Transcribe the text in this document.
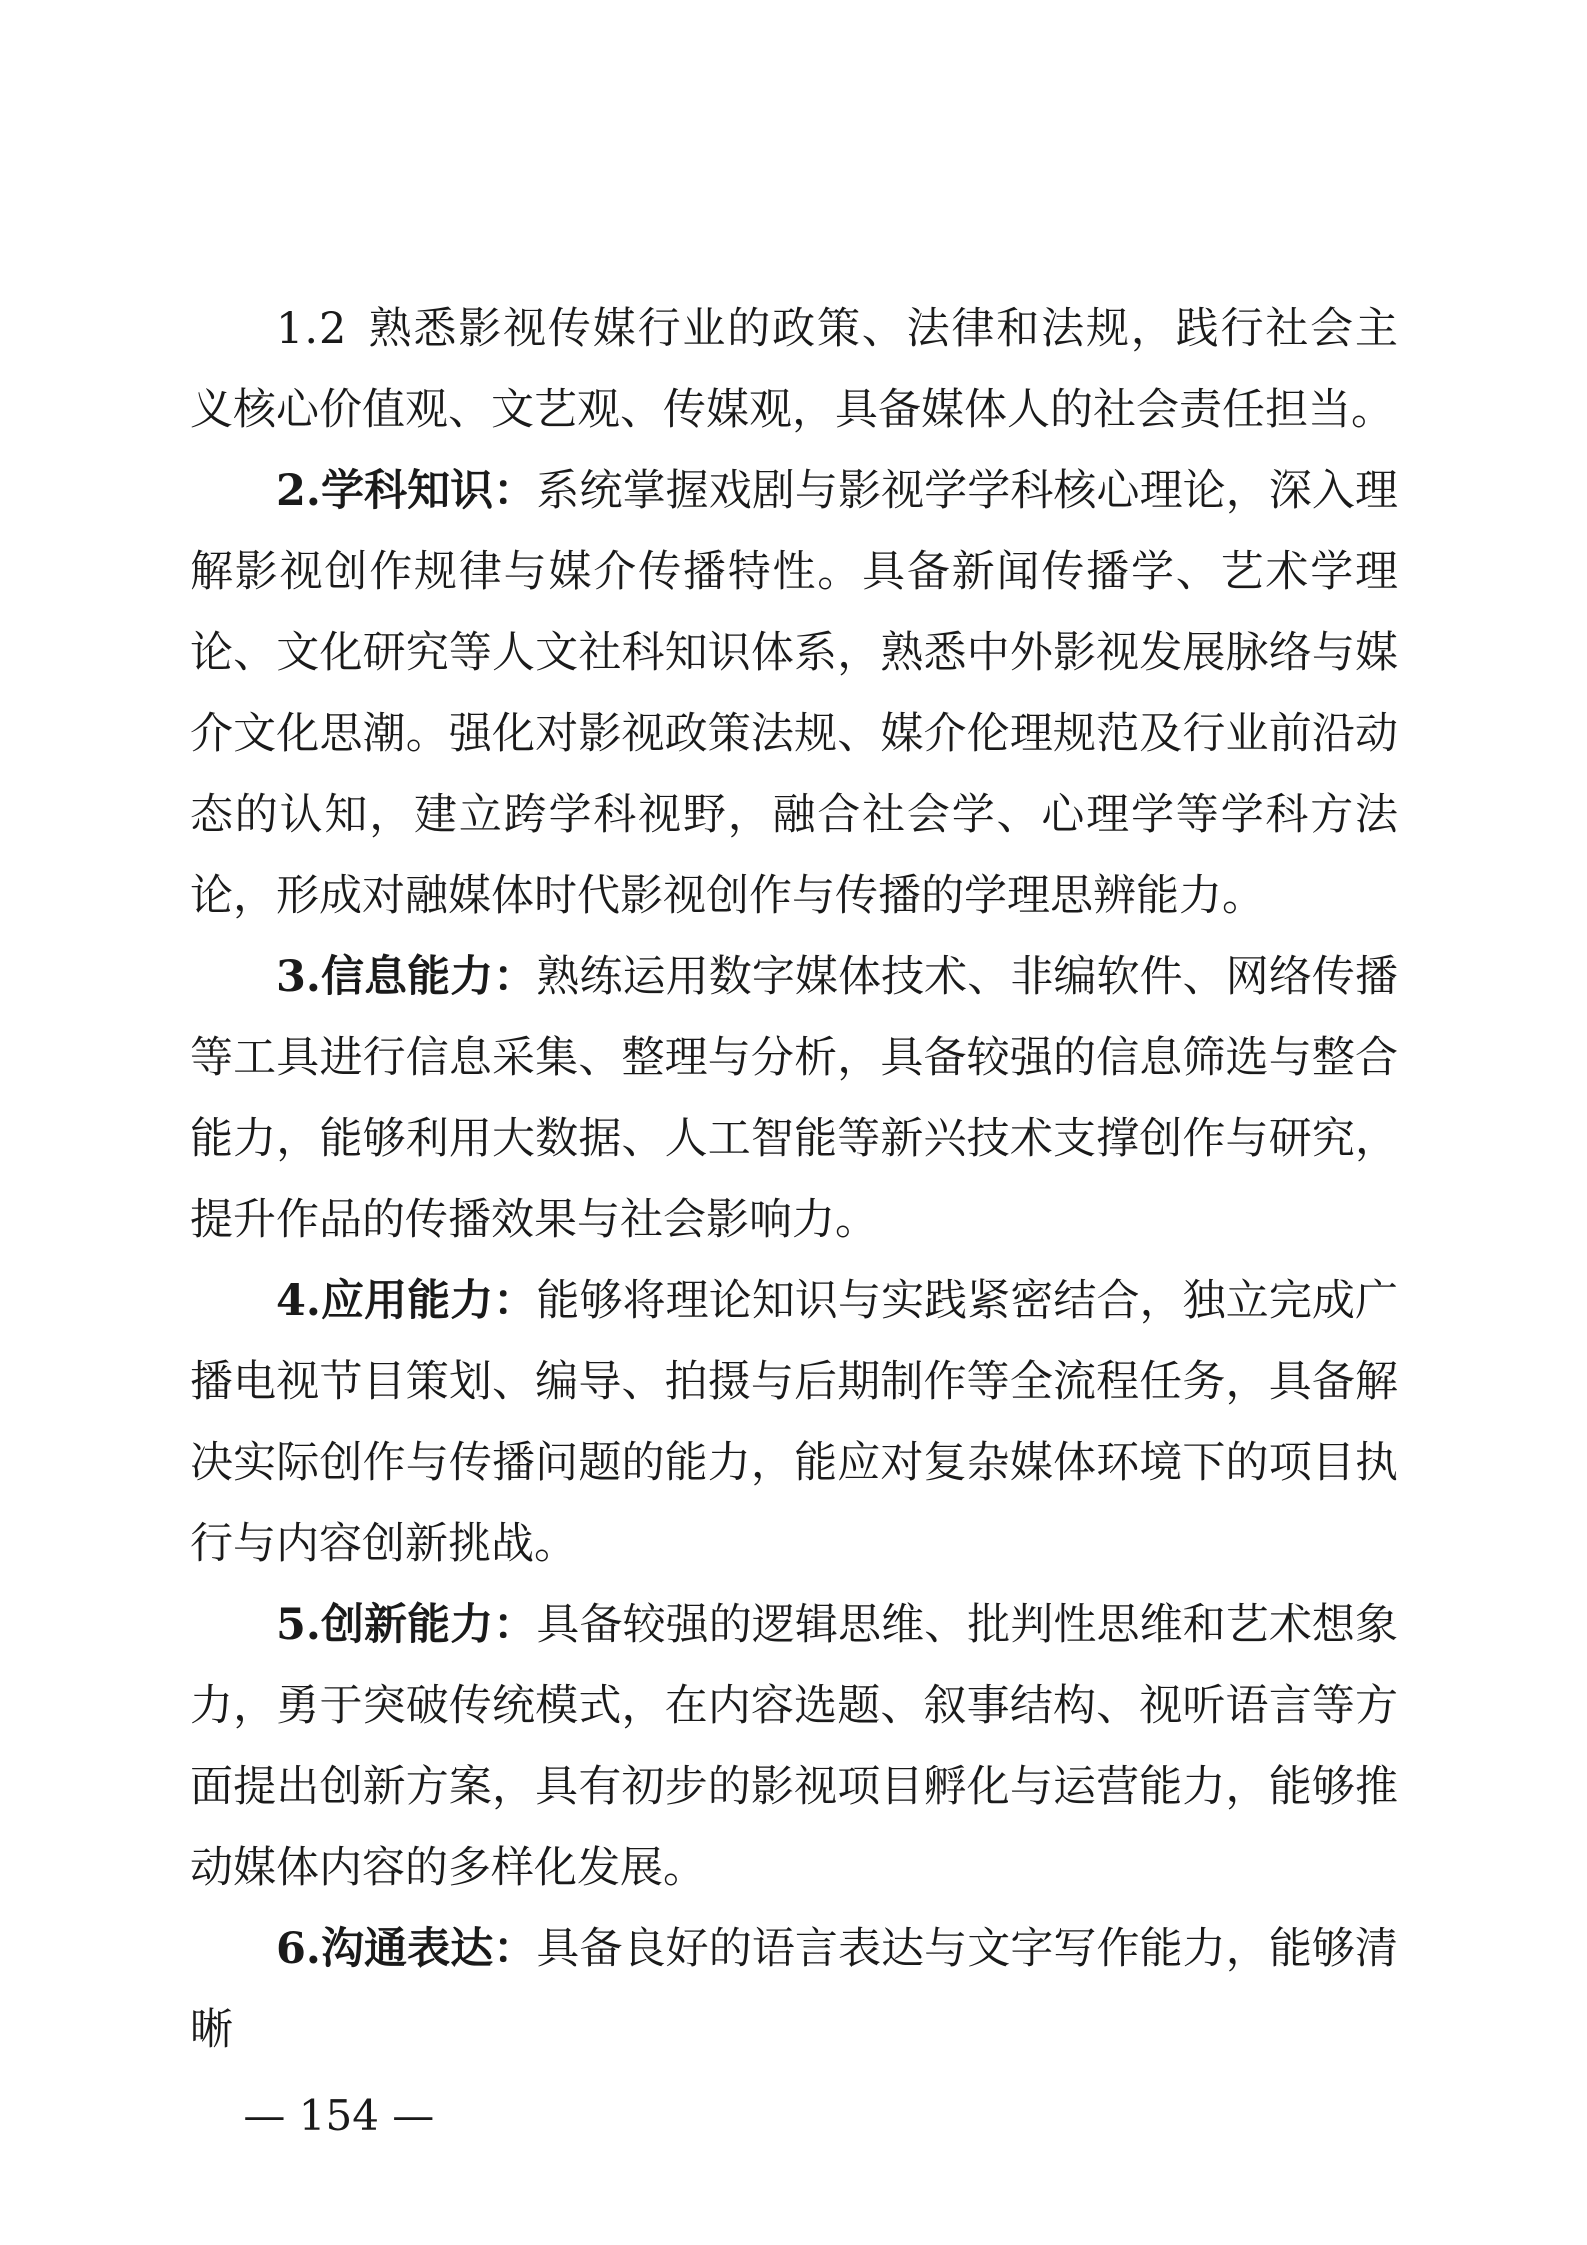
1.2 熟悉影视传媒行业的政策、法律和法规，践行社会主义核心价值观、文艺观、传媒观，具备媒体人的社会责任担当。

2.学科知识：系统掌握戏剧与影视学学科核心理论，深入理解影视创作规律与媒介传播特性。具备新闻传播学、艺术学理论、文化研究等人文社科知识体系，熟悉中外影视发展脉络与媒介文化思潮。强化对影视政策法规、媒介伦理规范及行业前沿动态的认知，建立跨学科视野，融合社会学、心理学等学科方法论，形成对融媒体时代影视创作与传播的学理思辨能力。

3.信息能力：熟练运用数字媒体技术、非编软件、网络传播等工具进行信息采集、整理与分析，具备较强的信息筛选与整合能力，能够利用大数据、人工智能等新兴技术支撑创作与研究，提升作品的传播效果与社会影响力。

4.应用能力：能够将理论知识与实践紧密结合，独立完成广播电视节目策划、编导、拍摄与后期制作等全流程任务，具备解决实际创作与传播问题的能力，能应对复杂媒体环境下的项目执行与内容创新挑战。

5.创新能力：具备较强的逻辑思维、批判性思维和艺术想象力，勇于突破传统模式，在内容选题、叙事结构、视听语言等方面提出创新方案，具有初步的影视项目孵化与运营能力，能够推动媒体内容的多样化发展。

6.沟通表达：具备良好的语言表达与文字写作能力，能够清晰

— 154 —
